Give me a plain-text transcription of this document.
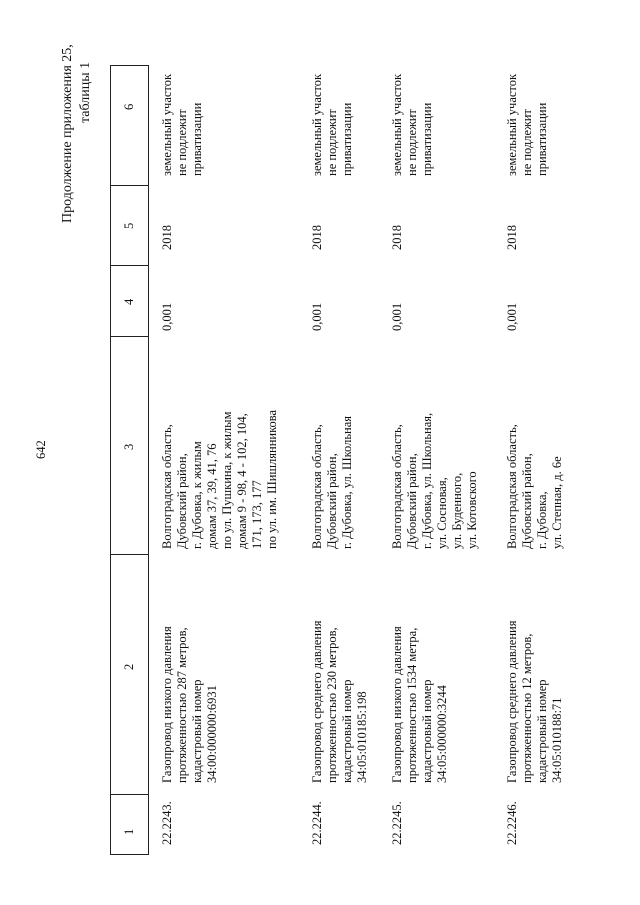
642
Продолжение приложения 25, таблицы 1
1
2
3
4
5
6
22.2243.
Газопровод низкого давления
протяженностью 287 метров,
кадастровый номер
34:00:000000:6931
Волгоградская область,
Дубовский район,
г. Дубовка, к жилым
домам 37, 39, 41, 76
по ул. Пушкина, к жилым
домам 9 - 98, 4 - 102, 104,
171, 173, 177
по ул. им. Шишлянникова
0,001
2018
земельный участок
не подлежит
приватизации
22.2244.
Газопровод среднего давления
протяженностью 230 метров,
кадастровый номер
34:05:010185:198
Волгоградская область,
Дубовский район,
г. Дубовка, ул. Школьная
0,001
2018
земельный участок
не подлежит
приватизации
22.2245.
Газопровод низкого давления
протяженностью 1534 метра,
кадастровый номер
34:05:000000:3244
Волгоградская область,
Дубовский район,
г. Дубовка, ул. Школьная,
ул. Сосновая,
ул. Буденного,
ул. Котовского
0,001
2018
земельный участок
не подлежит
приватизации
22.2246.
Газопровод среднего давления
протяженностью 12 метров,
кадастровый номер
34:05:010188:71
Волгоградская область,
Дубовский район,
г. Дубовка,
ул. Степная, д. 6е
0,001
2018
земельный участок
не подлежит
приватизации
